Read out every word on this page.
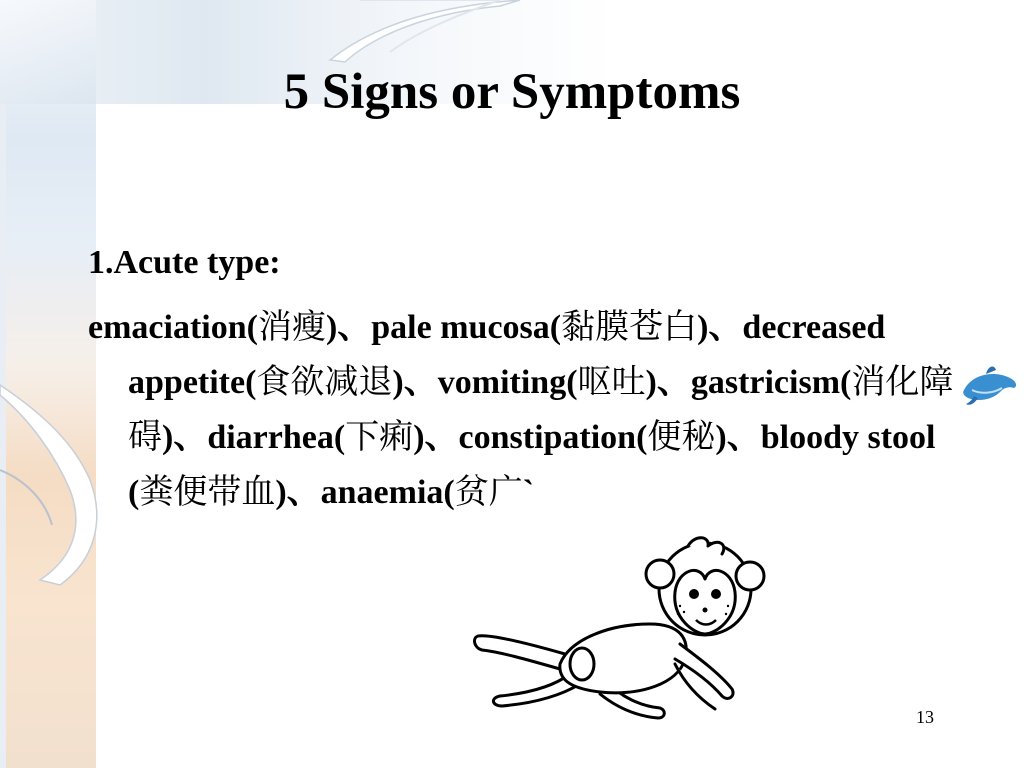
5 Signs or Symptoms

1.Acute type:

emaciation(消瘦)、pale mucosa(黏膜苍白)、decreased appetite(食欲减退)、vomiting(呕吐)、gastricism(消化障碍)、diarrhea(下痢)、constipation(便秘)、bloody stool (粪便带血)、anaemia(贫广`

13
